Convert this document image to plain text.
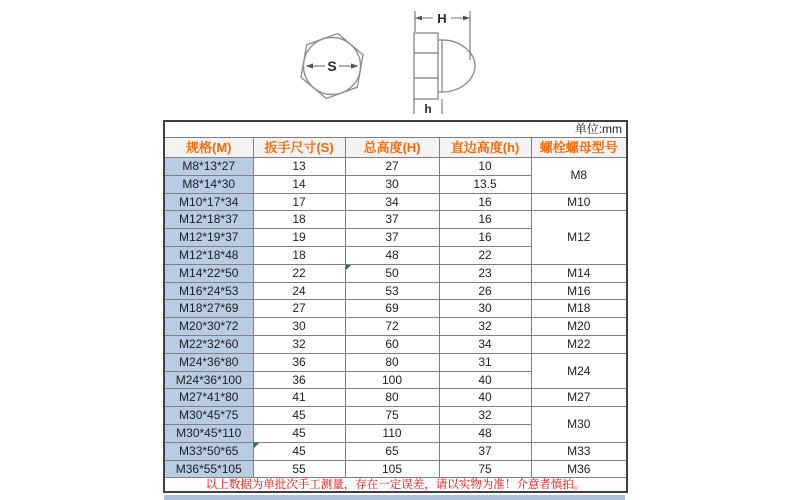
S
H
h
单位:mm				
规格(M)	扳手尺寸(S)	总高度(H)	直边高度(h)	螺栓螺母型号
M8*13*27	13	27	10	M8
M8*14*30	14	30	13.5	
M10*17*34	17	34	16	M10
M12*18*37	18	37	16	M12
M12*19*37	19	37	16	
M12*18*48	18	48	22	
M14*22*50	22	50	23	M14
M16*24*53	24	53	26	M16
M18*27*69	27	69	30	M18
M20*30*72	30	72	32	M20
M22*32*60	32	60	34	M22
M24*36*80	36	80	31	M24
M24*36*100	36	100	40	
M27*41*80	41	80	40	M27
M30*45*75	45	75	32	M30
M30*45*110	45	110	48	
M33*50*65	45	65	37	M33
M36*55*105	55	105	75	M36
以上数据为单批次手工测量，存在一定误差，请以实物为准！介意者慎拍。				
